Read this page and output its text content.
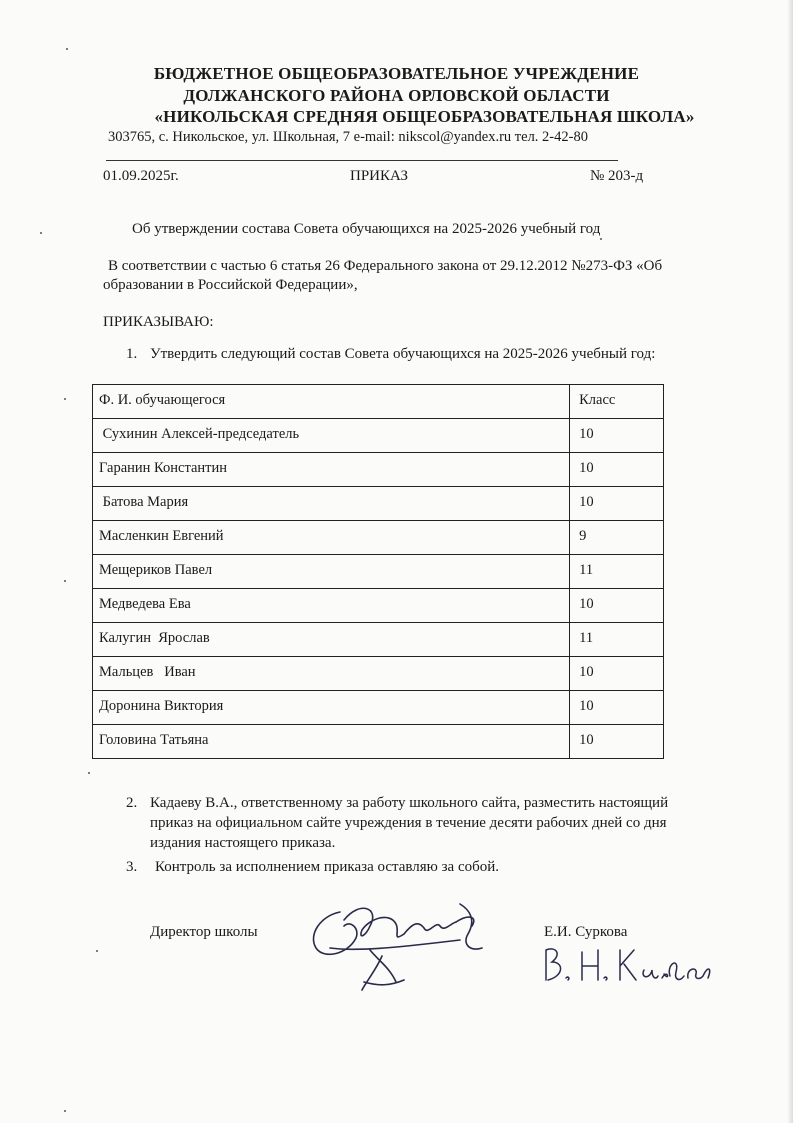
БЮДЖЕТНОЕ ОБЩЕОБРАЗОВАТЕЛЬНОЕ УЧРЕЖДЕНИЕ
ДОЛЖАНСКОГО РАЙОНА ОРЛОВСКОЙ ОБЛАСТИ
«НИКОЛЬСКАЯ СРЕДНЯЯ ОБЩЕОБРАЗОВАТЕЛЬНАЯ ШКОЛА»
303765, с. Никольское, ул. Школьная, 7 e-mail: nikscol@yandex.ru тел. 2-42-80
01.09.2025г.	ПРИКАЗ	№ 203-д
Об утверждении состава Совета обучающихся на 2025-2026 учебный год
В соответствии с частью 6 статья 26 Федерального закона от 29.12.2012 №273-ФЗ «Об
образовании в Российской Федерации»,
ПРИКАЗЫВАЮ:
1. Утвердить следующий состав Совета обучающихся на 2025-2026 учебный год:
Ф. И. обучающегося	Класс
Сухинин Алексей-председатель	10
Гаранин Константин	10
Батова Мария	10
Масленкин Евгений	9
Мещериков Павел	11
Медведева Ева	10
Калугин  Ярослав	11
Мальцев   Иван	10
Доронина Виктория	10
Головина Татьяна	10
2. Кадаеву В.А., ответственному за работу школьного сайта, разместить настоящий
приказ на официальном сайте учреждения в течение десяти рабочих дней со дня
издания настоящего приказа.
3. Контроль за исполнением приказа оставляю за собой.
Директор школы	Е.И. Суркова
